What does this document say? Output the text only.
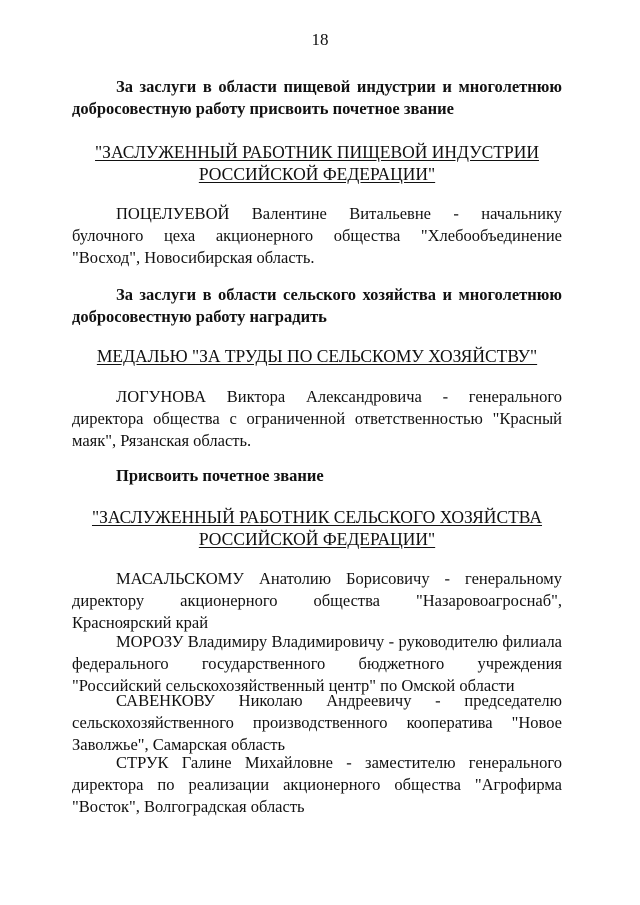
18
За заслуги в области пищевой индустрии и многолетнюю добросовестную работу присвоить почетное звание
"ЗАСЛУЖЕННЫЙ РАБОТНИК ПИЩЕВОЙ ИНДУСТРИИ
РОССИЙСКОЙ ФЕДЕРАЦИИ"
ПОЦЕЛУЕВОЙ Валентине Витальевне - начальнику булочного цеха акционерного общества "Хлебообъединение "Восход", Новосибирская область.
За заслуги в области сельского хозяйства и многолетнюю добросовестную работу наградить
МЕДАЛЬЮ "ЗА ТРУДЫ ПО СЕЛЬСКОМУ ХОЗЯЙСТВУ"
ЛОГУНОВА Виктора Александровича - генерального директора общества с ограниченной ответственностью "Красный маяк", Рязанская область.
Присвоить почетное звание
"ЗАСЛУЖЕННЫЙ РАБОТНИК СЕЛЬСКОГО ХОЗЯЙСТВА
РОССИЙСКОЙ ФЕДЕРАЦИИ"
МАСАЛЬСКОМУ Анатолию Борисовичу - генеральному директору акционерного общества "Назаровоагроснаб", Красноярский край
МОРОЗУ Владимиру Владимировичу - руководителю филиала федерального государственного бюджетного учреждения "Российский сельскохозяйственный центр" по Омской области
САВЕНКОВУ Николаю Андреевичу - председателю сельскохозяйственного производственного кооператива "Новое Заволжье", Самарская область
СТРУК Галине Михайловне - заместителю генерального директора по реализации акционерного общества "Агрофирма "Восток", Волгоградская область
